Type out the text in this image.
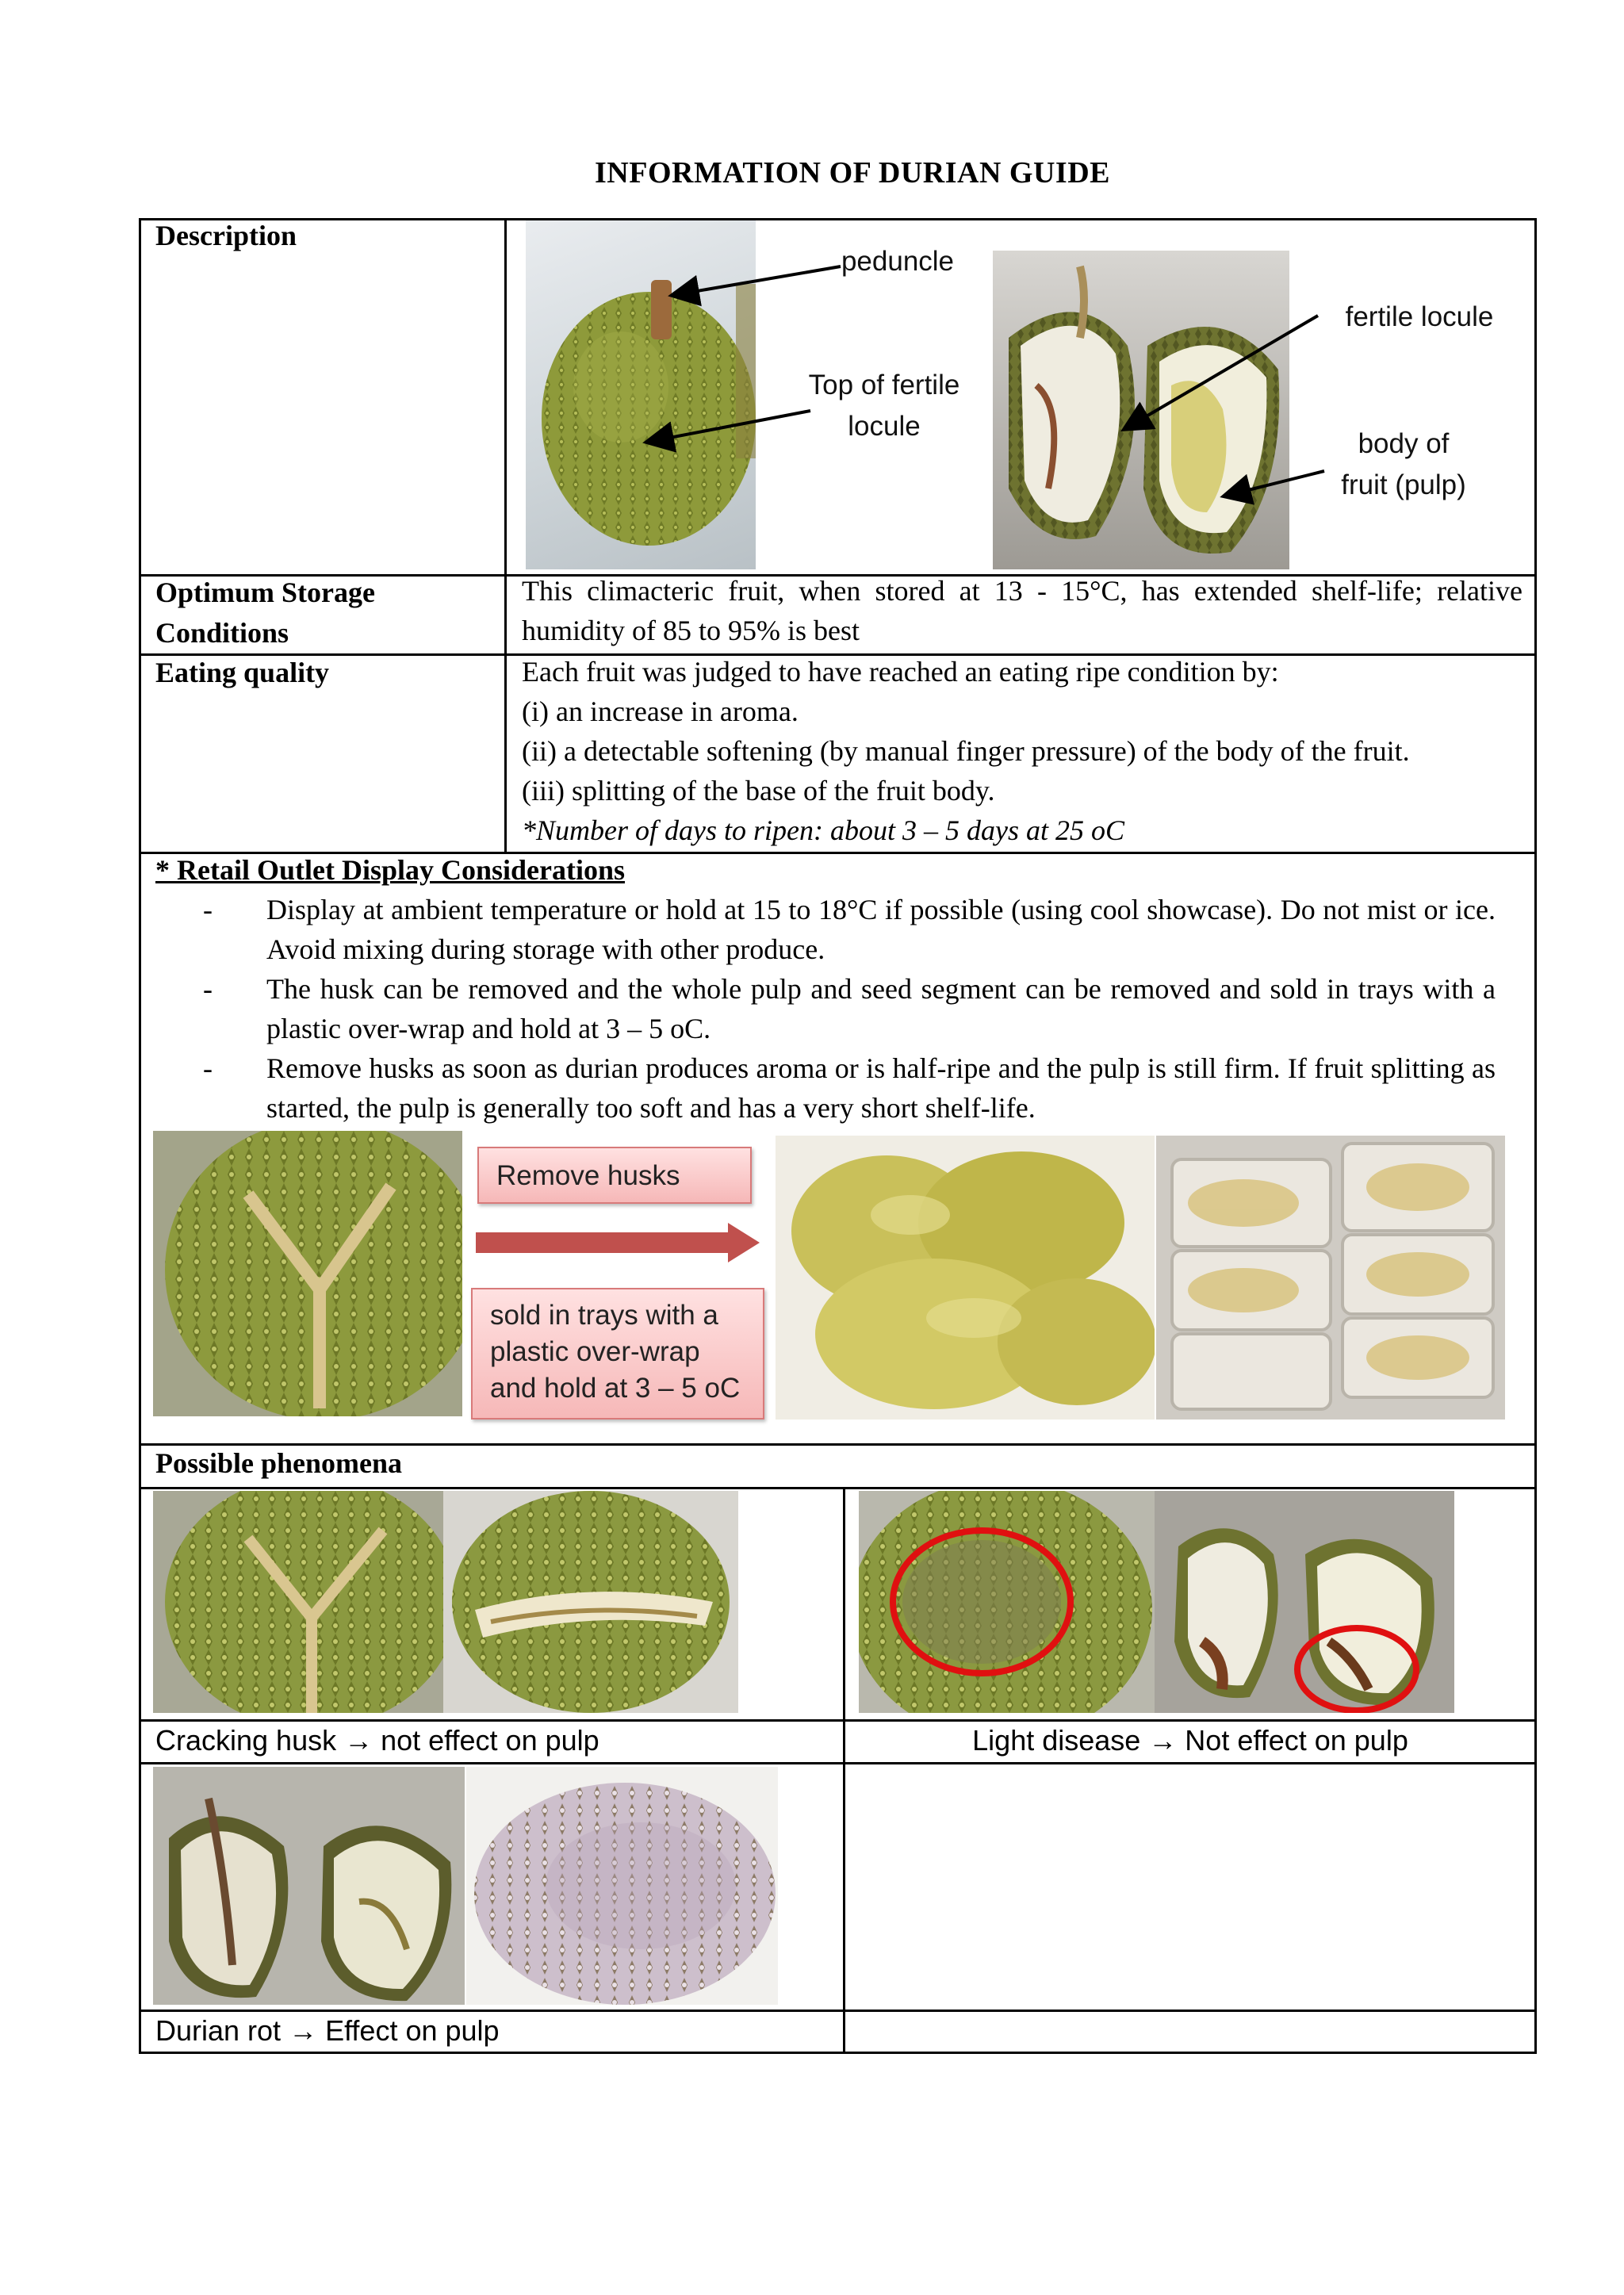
INFORMATION OF DURIAN GUIDE
Description
peduncle
Top of fertile
locule
fertile locule
body of
fruit (pulp)
Optimum Storage
Conditions
This climacteric fruit, when stored at 13 - 15°C, has extended shelf-life; relative humidity of 85 to 95% is best
Eating quality	Each fruit was judged to have reached an eating ripe condition by:
(i) an increase in aroma.
(ii) a detectable softening (by manual finger pressure) of the body of the fruit.
(iii) splitting of the base of the fruit body.
*Number of days to ripen: about 3 – 5 days at 25 oC
* Retail Outlet Display Considerations
- Display at ambient temperature or hold at 15 to 18°C if possible (using cool showcase). Do not mist or ice. Avoid mixing during storage with other produce.
- The husk can be removed and the whole pulp and seed segment can be removed and sold in trays with a plastic over-wrap and hold at 3 – 5 oC.
- Remove husks as soon as durian produces aroma or is half-ripe and the pulp is still firm. If fruit splitting as started, the pulp is generally too soft and has a very short shelf-life.
Remove husks
sold in trays with a
plastic over-wrap
and hold at 3 – 5 oC
Possible phenomena
Cracking husk → not effect on pulp	Light disease → Not effect on pulp
Durian rot → Effect on pulp
